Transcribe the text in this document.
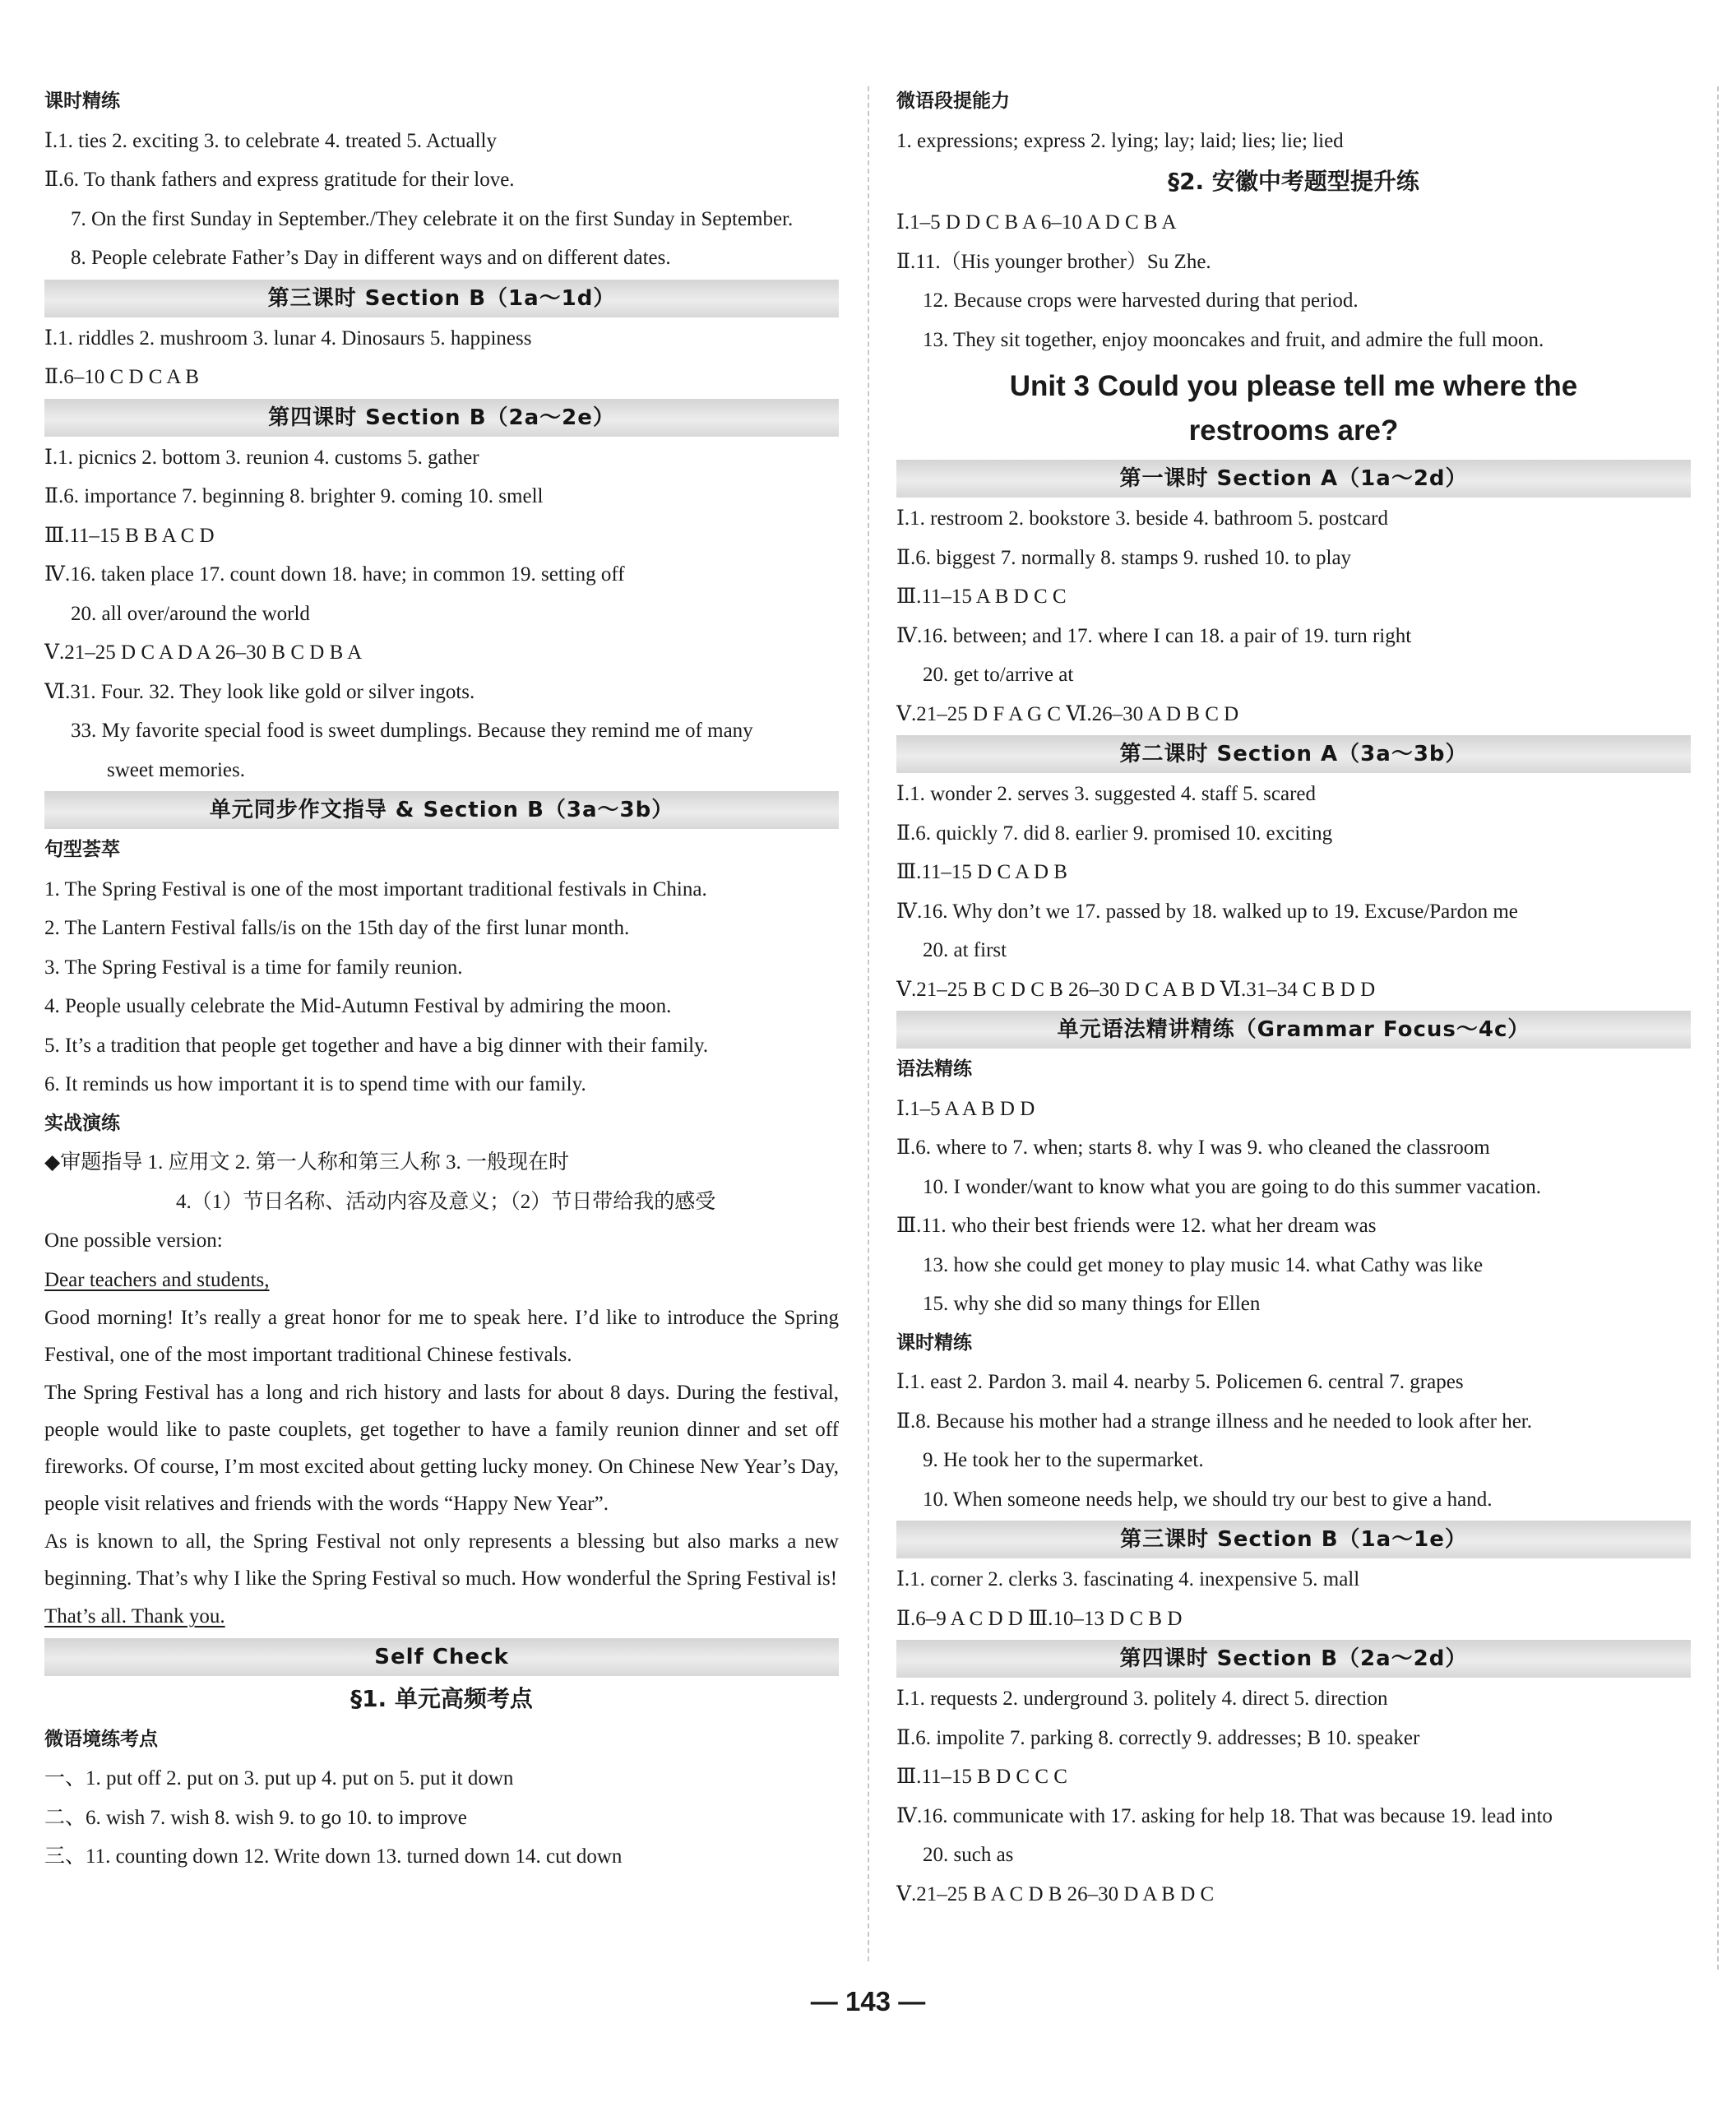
课时精练
Ⅰ.1. ties 2. exciting 3. to celebrate 4. treated 5. Actually
Ⅱ.6. To thank fathers and express gratitude for their love.
7. On the first Sunday in September./They celebrate it on the first Sunday in September.
8. People celebrate Father’s Day in different ways and on different dates.
第三课时 Section B（1a～1d）
Ⅰ.1. riddles 2. mushroom 3. lunar 4. Dinosaurs 5. happiness
Ⅱ.6–10 C D C A B
第四课时 Section B（2a～2e）
Ⅰ.1. picnics 2. bottom 3. reunion 4. customs 5. gather
Ⅱ.6. importance 7. beginning 8. brighter 9. coming 10. smell
Ⅲ.11–15 B B A C D
Ⅳ.16. taken place 17. count down 18. have; in common 19. setting off
20. all over/around the world
Ⅴ.21–25 D C A D A 26–30 B C D B A
Ⅵ.31. Four. 32. They look like gold or silver ingots.
33. My favorite special food is sweet dumplings. Because they remind me of many
sweet memories.
单元同步作文指导 & Section B（3a～3b）
句型荟萃
1. The Spring Festival is one of the most important traditional festivals in China.
2. The Lantern Festival falls/is on the 15th day of the first lunar month.
3. The Spring Festival is a time for family reunion.
4. People usually celebrate the Mid-Autumn Festival by admiring the moon.
5. It’s a tradition that people get together and have a big dinner with their family.
6. It reminds us how important it is to spend time with our family.
实战演练
◆审题指导 1. 应用文 2. 第一人称和第三人称 3. 一般现在时
4.（1）节日名称、活动内容及意义；（2）节日带给我的感受
One possible version:
Dear teachers and students,
Good morning! It’s really a great honor for me to speak here. I’d like to introduce the Spring Festival, one of the most important traditional Chinese festivals.
The Spring Festival has a long and rich history and lasts for about 8 days. During the festival, people would like to paste couplets, get together to have a family reunion dinner and set off fireworks. Of course, I’m most excited about getting lucky money. On Chinese New Year’s Day, people visit relatives and friends with the words “Happy New Year”.
As is known to all, the Spring Festival not only represents a blessing but also marks a new beginning. That’s why I like the Spring Festival so much. How wonderful the Spring Festival is!
That’s all. Thank you.
Self Check
§1. 单元高频考点
微语境练考点
一、1. put off 2. put on 3. put up 4. put on 5. put it down
二、6. wish 7. wish 8. wish 9. to go 10. to improve
三、11. counting down 12. Write down 13. turned down 14. cut down
微语段提能力
1. expressions; express 2. lying; lay; laid; lies; lie; lied
§2. 安徽中考题型提升练
Ⅰ.1–5 D D C B A 6–10 A D C B A
Ⅱ.11.（His younger brother）Su Zhe.
12. Because crops were harvested during that period.
13. They sit together, enjoy mooncakes and fruit, and admire the full moon.
Unit 3 Could you please tell me where the
restrooms are?
第一课时 Section A（1a～2d）
Ⅰ.1. restroom 2. bookstore 3. beside 4. bathroom 5. postcard
Ⅱ.6. biggest 7. normally 8. stamps 9. rushed 10. to play
Ⅲ.11–15 A B D C C
Ⅳ.16. between; and 17. where I can 18. a pair of 19. turn right
20. get to/arrive at
Ⅴ.21–25 D F A G C Ⅵ.26–30 A D B C D
第二课时 Section A（3a～3b）
Ⅰ.1. wonder 2. serves 3. suggested 4. staff 5. scared
Ⅱ.6. quickly 7. did 8. earlier 9. promised 10. exciting
Ⅲ.11–15 D C A D B
Ⅳ.16. Why don’t we 17. passed by 18. walked up to 19. Excuse/Pardon me
20. at first
Ⅴ.21–25 B C D C B 26–30 D C A B D Ⅵ.31–34 C B D D
单元语法精讲精练（Grammar Focus～4c）
语法精练
Ⅰ.1–5 A A B D D
Ⅱ.6. where to 7. when; starts 8. why I was 9. who cleaned the classroom
10. I wonder/want to know what you are going to do this summer vacation.
Ⅲ.11. who their best friends were 12. what her dream was
13. how she could get money to play music 14. what Cathy was like
15. why she did so many things for Ellen
课时精练
Ⅰ.1. east 2. Pardon 3. mail 4. nearby 5. Policemen 6. central 7. grapes
Ⅱ.8. Because his mother had a strange illness and he needed to look after her.
9. He took her to the supermarket.
10. When someone needs help, we should try our best to give a hand.
第三课时 Section B（1a～1e）
Ⅰ.1. corner 2. clerks 3. fascinating 4. inexpensive 5. mall
Ⅱ.6–9 A C D D Ⅲ.10–13 D C B D
第四课时 Section B（2a～2d）
Ⅰ.1. requests 2. underground 3. politely 4. direct 5. direction
Ⅱ.6. impolite 7. parking 8. correctly 9. addresses; B 10. speaker
Ⅲ.11–15 B D C C C
Ⅳ.16. communicate with 17. asking for help 18. That was because 19. lead into
20. such as
Ⅴ.21–25 B A C D B 26–30 D A B D C
— 143 —
